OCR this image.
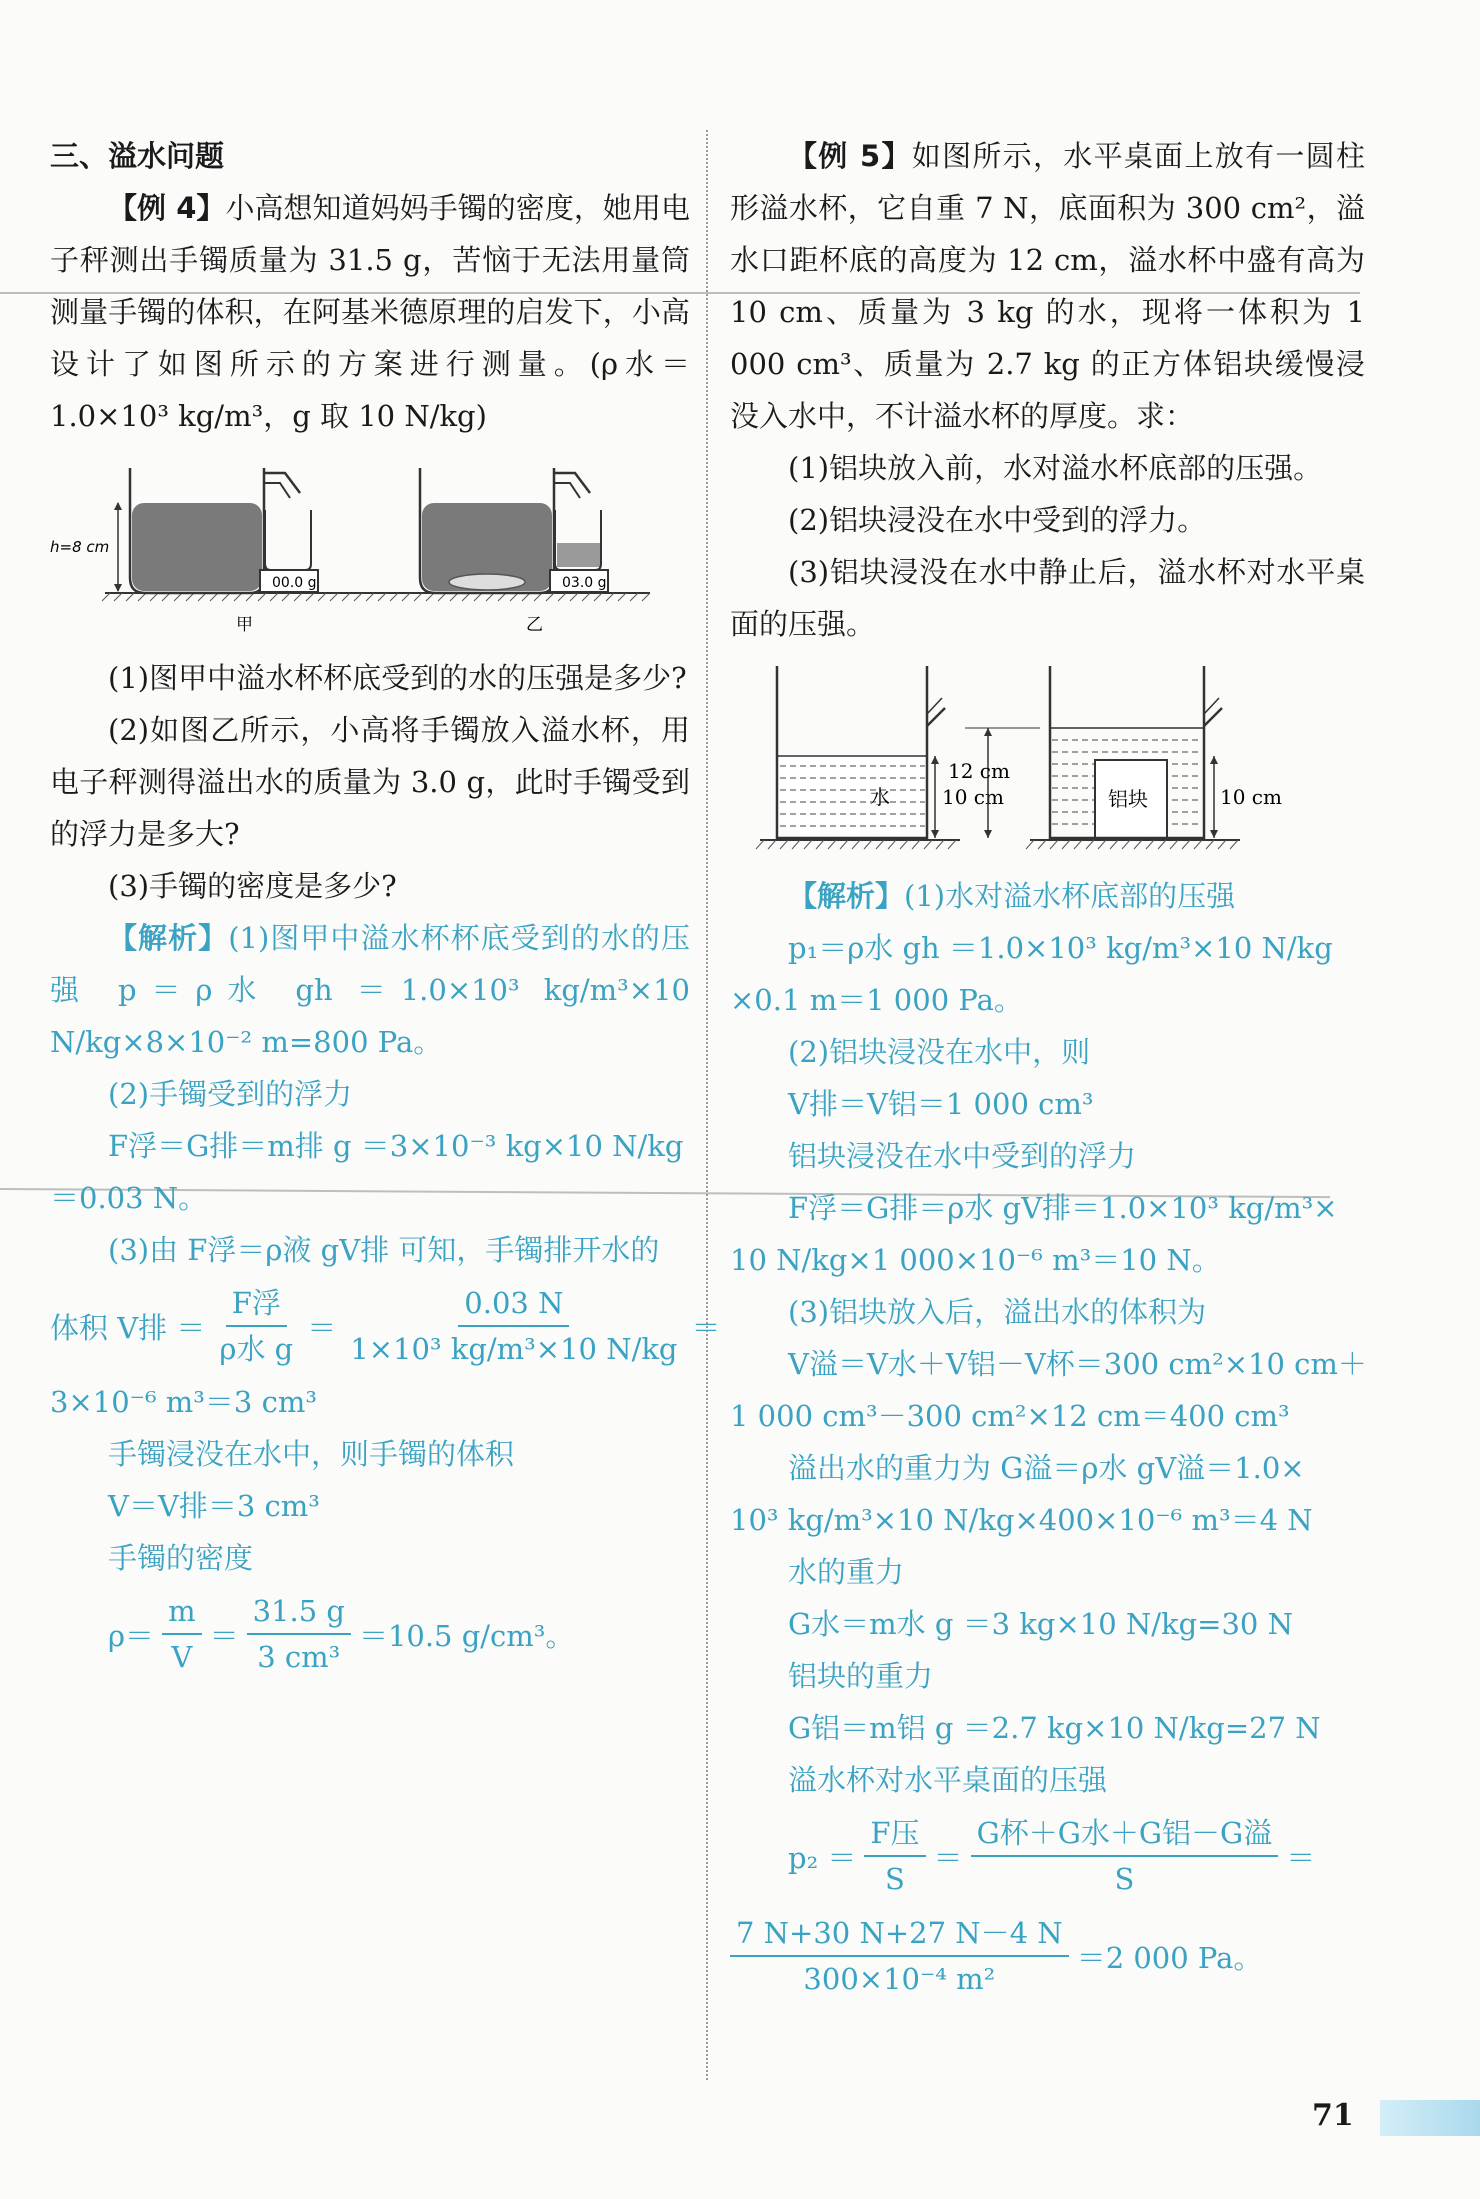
三、溢水问题

【例 4】小高想知道妈妈手镯的密度，她用电子秤测出手镯质量为 31.5 g，苦恼于无法用量筒测量手镯的体积，在阿基米德原理的启发下，小高设计了如图所示的方案进行测量。(ρ水＝1.0×10³ kg/m³，g 取 10 N/kg)

h=8 cm
00.0 g	03.0 g
甲	乙

(1)图甲中溢水杯杯底受到的水的压强是多少?

(2)如图乙所示，小高将手镯放入溢水杯，用电子秤测得溢出水的质量为 3.0 g，此时手镯受到的浮力是多大?

(3)手镯的密度是多少?

【解析】(1)图甲中溢水杯杯底受到的水的压强 p＝ρ水 gh ＝1.0×10³ kg/m³×10 N/kg×8×10⁻² m=800 Pa。

(2)手镯受到的浮力
F浮＝G排＝m排 g ＝3×10⁻³ kg×10 N/kg
＝0.03 N。
(3)由 F浮＝ρ液 gV排 可知，手镯排开水的
体积 V排 ＝ $\frac{\text{F浮}}{\text{ρ水 g}} = \frac{0.03 N}{\text{1×10³ kg/m³×10 N/kg}}$ ＝
3×10⁻⁶ m³＝3 cm³
手镯浸没在水中，则手镯的体积
V＝V排＝3 cm³
手镯的密度
$\rho= \frac{m}{V} = \frac{31.5 g}{\text{3 cm³}} =10.5$ g/cm³。

【例 5】如图所示，水平桌面上放有一圆柱形溢水杯，它自重 7 N，底面积为 300 cm²，溢水口距杯底的高度为 12 cm，溢水杯中盛有高为 10 cm、质量为 3 kg 的水，现将一体积为 1 000 cm³、质量为 2.7 kg 的正方体铝块缓慢浸没入水中，不计溢水杯的厚度。求：

(1)铝块放入前，水对溢水杯底部的压强。

(2)铝块浸没在水中受到的浮力。

(3)铝块浸没在水中静止后，溢水杯对水平桌面的压强。

水	10 cm
12 cm
铝块	10 cm
【解析】(1)水对溢水杯底部的压强
p₁＝ρ水 gh ＝1.0×10³ kg/m³×10 N/kg
×0.1 m＝1 000 Pa。
(2)铝块浸没在水中，则
V排＝V铝＝1 000 cm³
铝块浸没在水中受到的浮力
F浮＝G排＝ρ水 gV排＝1.0×10³ kg/m³×
10 N/kg×1 000×10⁻⁶ m³＝10 N。
(3)铝块放入后，溢出水的体积为
V溢＝V水＋V铝－V杯＝300 cm²×10 cm＋
1 000 cm³－300 cm²×12 cm＝400 cm³
溢出水的重力为 G溢＝ρ水 gV溢＝1.0×
10³ kg/m³×10 N/kg×400×10⁻⁶ m³＝4 N
水的重力
G水＝m水 g ＝3 kg×10 N/kg=30 N
铝块的重力
G铝＝m铝 g ＝2.7 kg×10 N/kg=27 N
溢水杯对水平桌面的压强
$p_2 = \frac{\text{F压}}{S} = \frac{\text{G杯＋G水＋G铝－G溢}}{S}$ ＝
$\frac{7 N+30 N+27 N-4 N}{\text{300×10⁻⁴ m²}} =2$ 000 Pa。
71
